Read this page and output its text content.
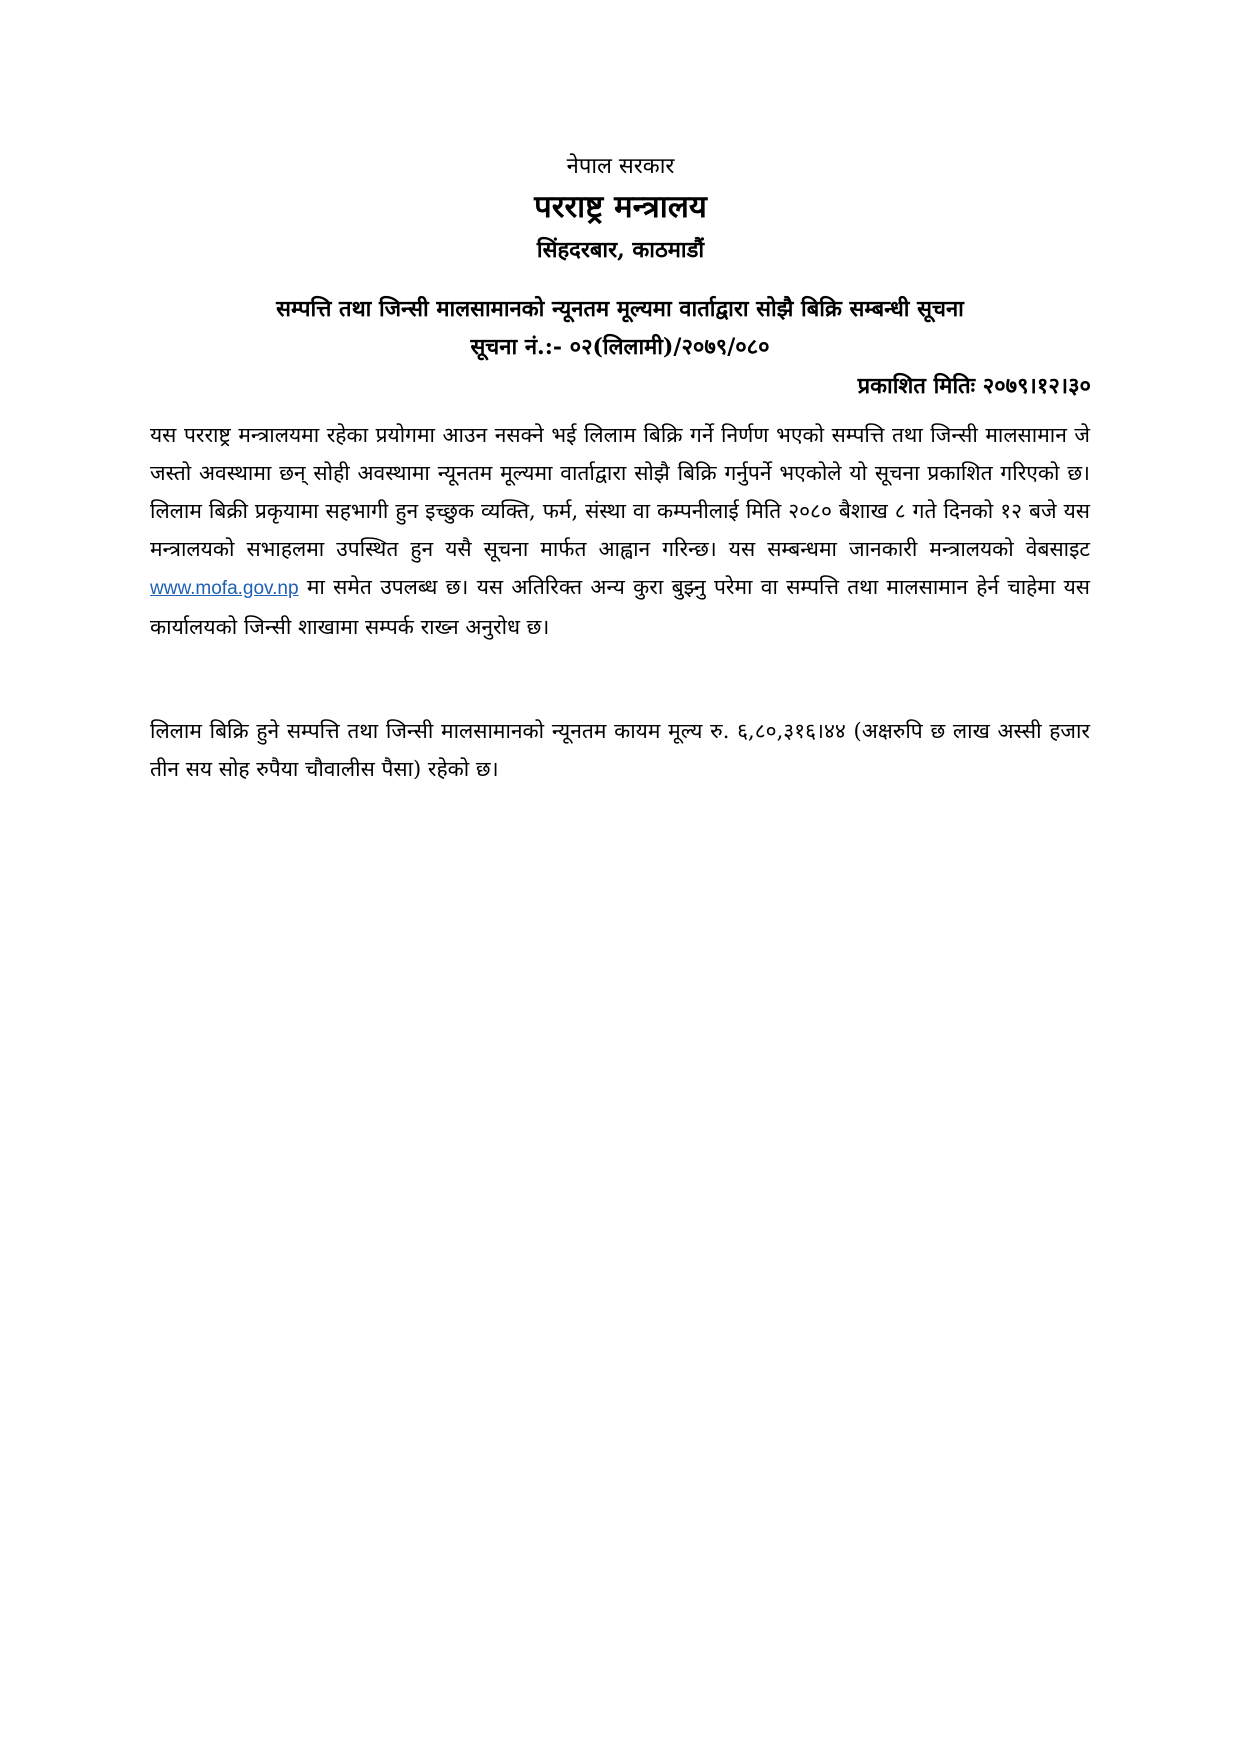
नेपाल सरकार
परराष्ट्र मन्त्रालय
सिंहदरबार, काठमाडौं
सम्पत्ति तथा जिन्सी मालसामानको न्यूनतम मूल्यमा वार्ताद्वारा सोझै बिक्रि सम्बन्धी सूचना
सूचना नं.:- ०२(लिलामी)/२०७९/०८०
प्रकाशित मितिः २०७९।१२।३०

यस परराष्ट्र मन्त्रालयमा रहेका प्रयोगमा आउन नसक्ने भई लिलाम बिक्रि गर्ने निर्णण भएको सम्पत्ति तथा जिन्सी मालसामान जे जस्तो अवस्थामा छन् सोही अवस्थामा न्यूनतम मूल्यमा वार्ताद्वारा सोझै बिक्रि गर्नुपर्ने भएकोले यो सूचना प्रकाशित गरिएको छ। लिलाम बिक्री प्रकृयामा सहभागी हुन इच्छुक व्यक्ति, फर्म, संस्था वा कम्पनीलाई मिति २०८० बैशाख ८ गते दिनको १२ बजे यस मन्त्रालयको सभाहलमा उपस्थित हुन यसै सूचना मार्फत आह्वान गरिन्छ। यस सम्बन्धमा जानकारी मन्त्रालयको वेबसाइट www.mofa.gov.np मा समेत उपलब्ध छ। यस अतिरिक्त अन्य कुरा बुझ्नु परेमा वा सम्पत्ति तथा मालसामान हेर्न चाहेमा यस कार्यालयको जिन्सी शाखामा सम्पर्क राख्न अनुरोध छ।

लिलाम बिक्रि हुने सम्पत्ति तथा जिन्सी मालसामानको न्यूनतम कायम मूल्य रु. ६,८०,३१६।४४ (अक्षरुपि छ लाख अस्सी हजार तीन सय सोह रुपैया चौवालीस पैसा) रहेको छ।
